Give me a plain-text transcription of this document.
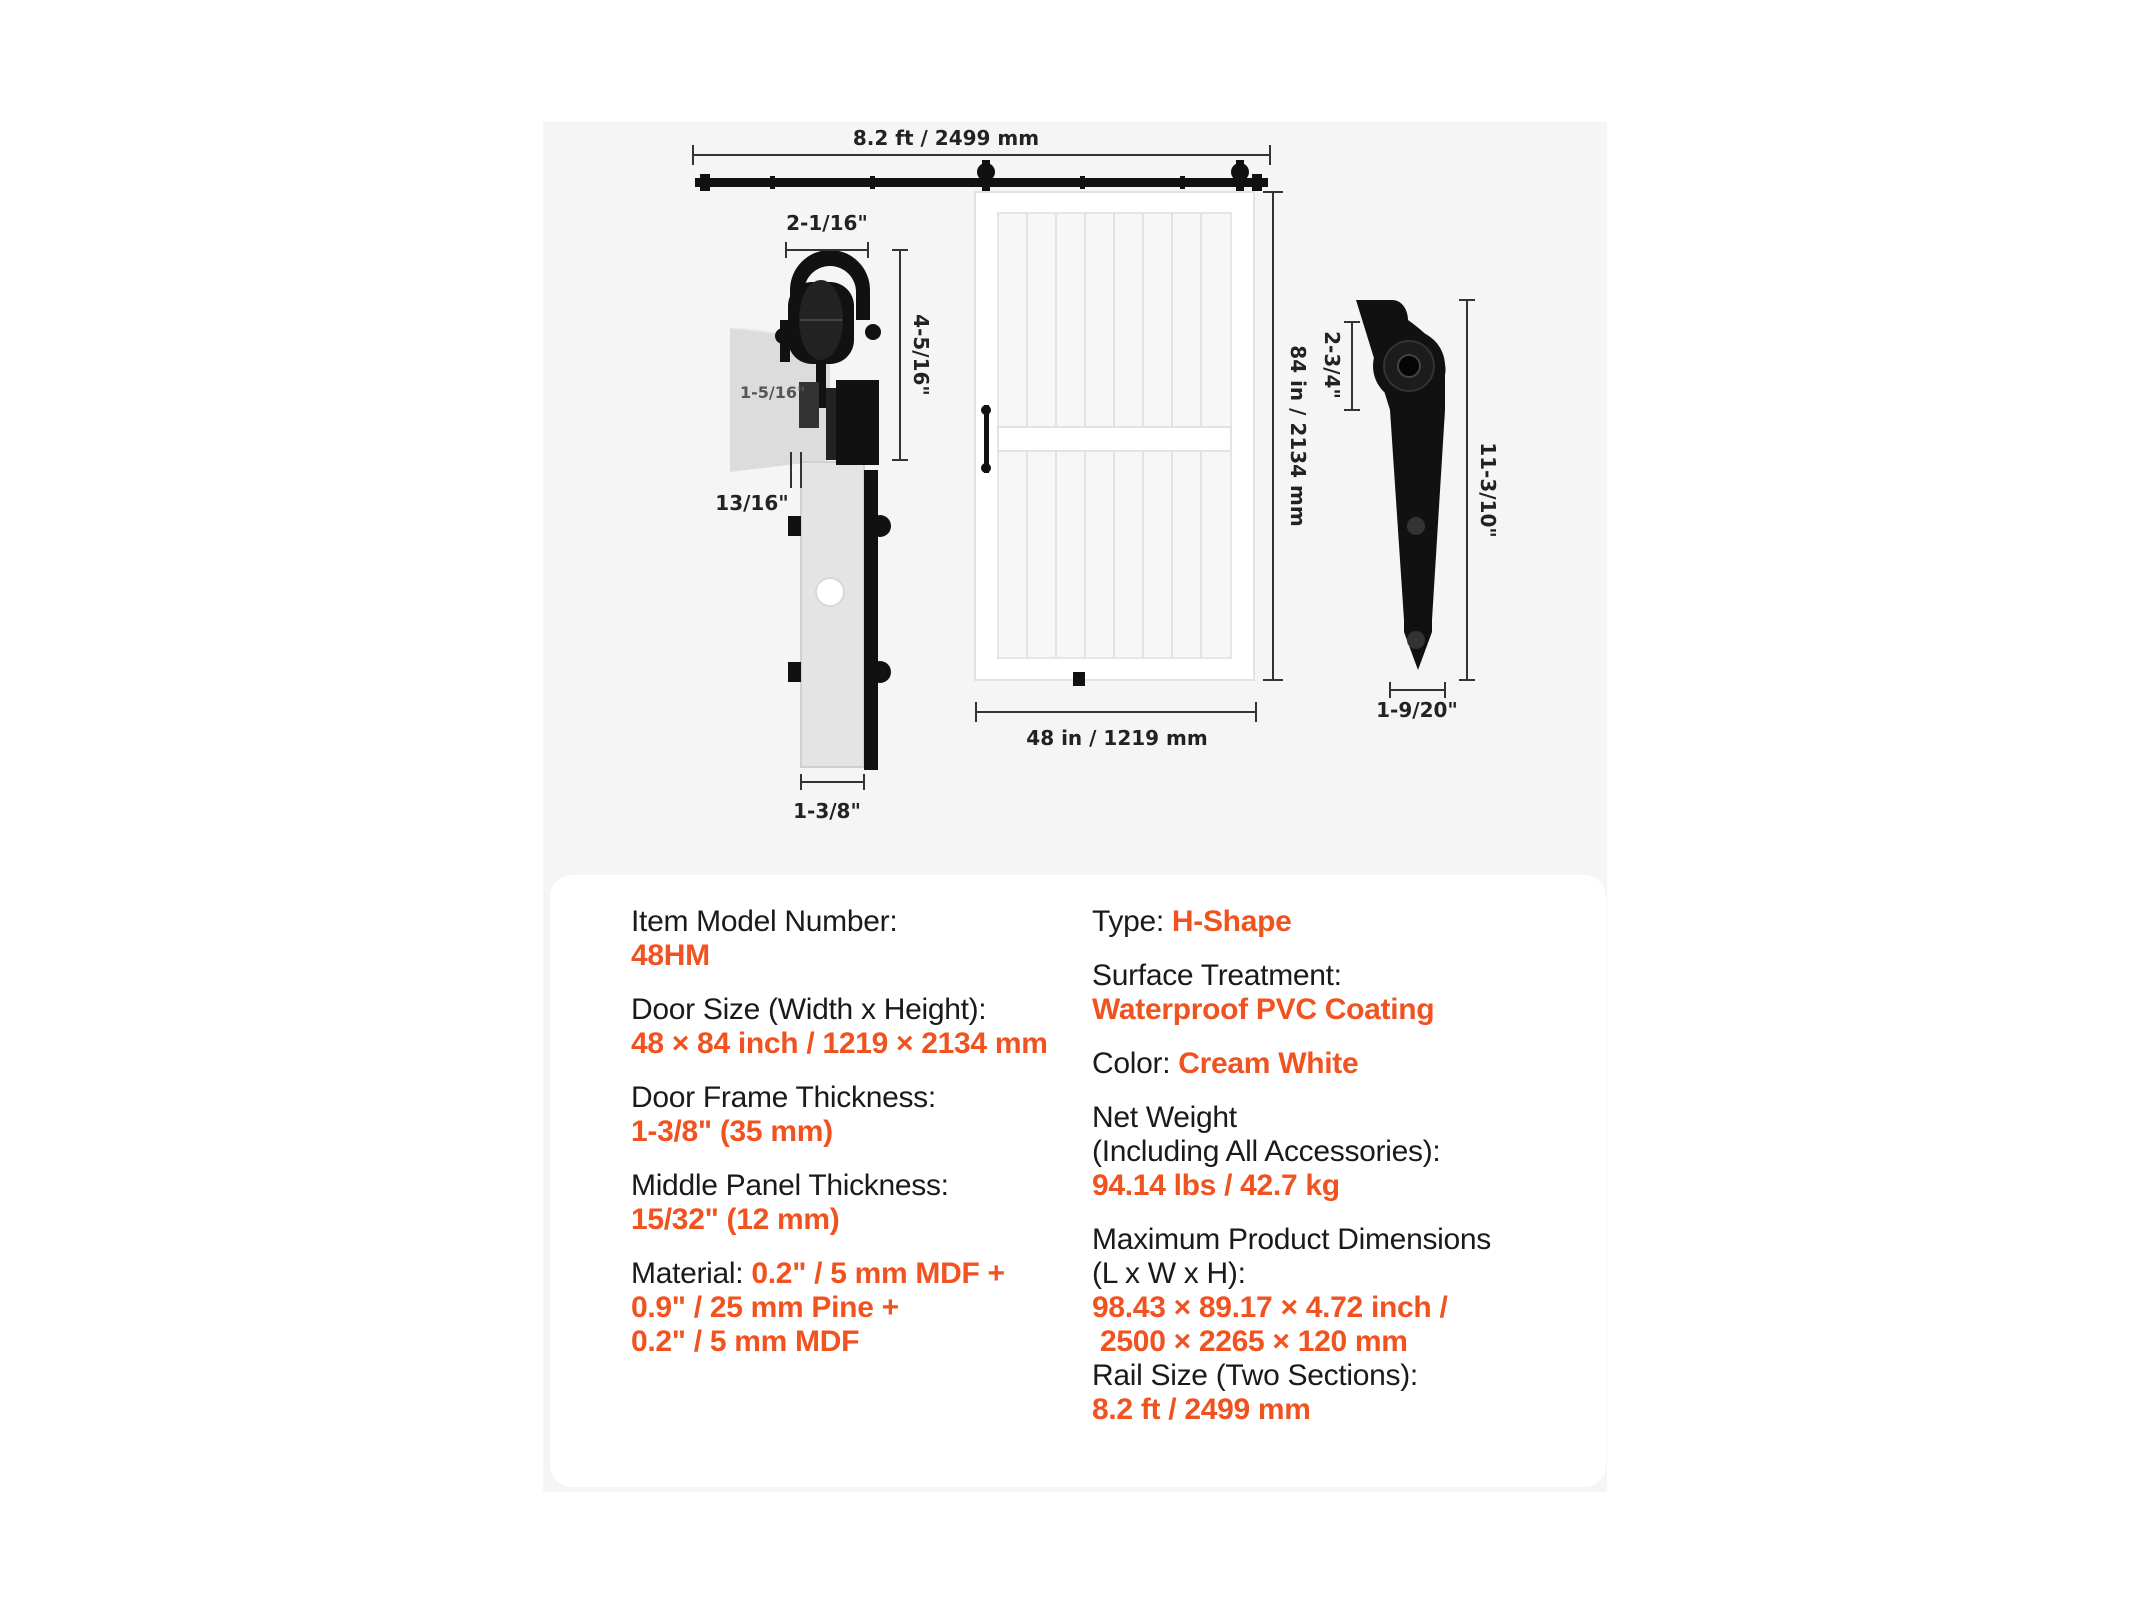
8.2 ft / 2499 mm
84 in / 2134 mm
48 in / 1219 mm
2-1/16"
4-5/16"
1-5/16"
13/16"
1-3/8"
2-3/4"
11-3/10"
1-9/20"
Item Model Number:
48HM
Door Size (Width x Height):
48 × 84 inch / 1219 × 2134 mm
Door Frame Thickness:
1-3/8" (35 mm)
Middle Panel Thickness:
15/32" (12 mm)
Material: 0.2" / 5 mm MDF +
0.9" / 25 mm Pine +
0.2" / 5 mm MDF
Type: H-Shape
Surface Treatment:
Waterproof PVC Coating
Color: Cream White
Net Weight
(Including All Accessories):
94.14 lbs / 42.7 kg
Maximum Product Dimensions
(L x W x H):
98.43 × 89.17 × 4.72 inch /
2500 × 2265 × 120 mm
Rail Size (Two Sections):
8.2 ft / 2499 mm
